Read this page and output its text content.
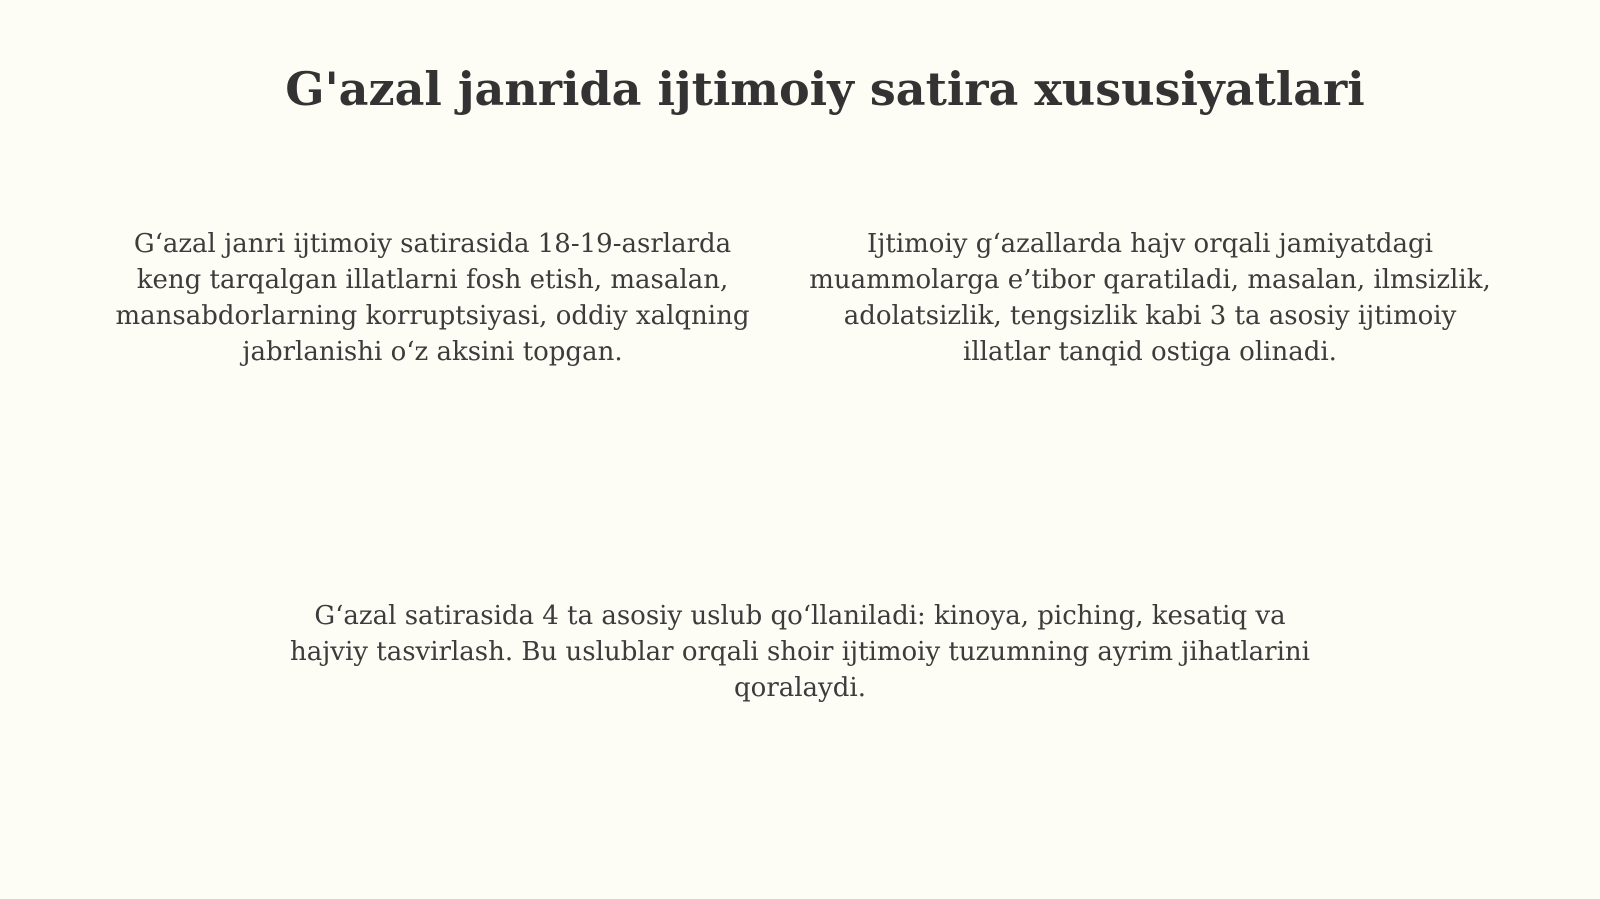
G'azal janrida ijtimoiy satira xususiyatlari

G‘azal janri ijtimoiy satirasida 18-19-asrlarda keng tarqalgan illatlarni fosh etish, masalan, mansabdorlarning korruptsiyasi, oddiy xalqning jabrlanishi o‘z aksini topgan.

Ijtimoiy g‘azallarda hajv orqali jamiyatdagi muammolarga e’tibor qaratiladi, masalan, ilmsizlik, adolatsizlik, tengsizlik kabi 3 ta asosiy ijtimoiy illatlar tanqid ostiga olinadi.

G‘azal satirasida 4 ta asosiy uslub qo‘llaniladi: kinoya, piching, kesatiq va hajviy tasvirlash. Bu uslublar orqali shoir ijtimoiy tuzumning ayrim jihatlarini qoralaydi.
